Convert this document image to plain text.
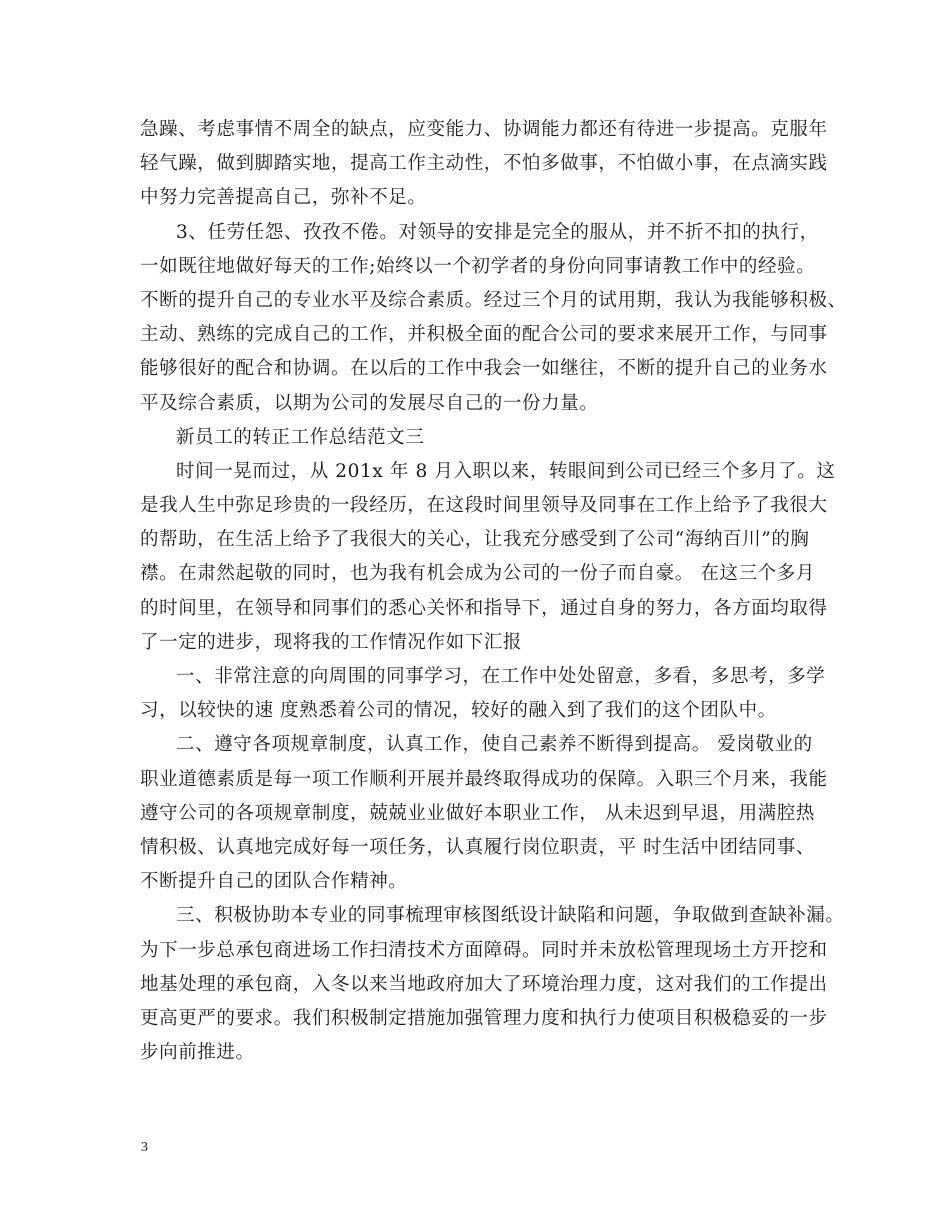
急躁、考虑事情不周全的缺点，应变能力、协调能力都还有待进一步提高。克服年
轻气躁，做到脚踏实地，提高工作主动性，不怕多做事，不怕做小事，在点滴实践
中努力完善提高自己，弥补不足。
3、任劳任怨、孜孜不倦。对领导的安排是完全的服从，并不折不扣的执行，
一如既往地做好每天的工作;始终以一个初学者的身份向同事请教工作中的经验。
不断的提升自己的专业水平及综合素质。经过三个月的试用期，我认为我能够积极、
主动、熟练的完成自己的工作，并积极全面的配合公司的要求来展开工作，与同事
能够很好的配合和协调。在以后的工作中我会一如继往，不断的提升自己的业务水
平及综合素质，以期为公司的发展尽自己的一份力量。
新员工的转正工作总结范文三
时间一晃而过，从 201x 年 8 月入职以来，转眼间到公司已经三个多月了。这
是我人生中弥足珍贵的一段经历，在这段时间里领导及同事在工作上给予了我很大
的帮助，在生活上给予了我很大的关心，让我充分感受到了公司“海纳百川”的胸
襟。在肃然起敬的同时，也为我有机会成为公司的一份子而自豪。 在这三个多月
的时间里，在领导和同事们的悉心关怀和指导下，通过自身的努力，各方面均取得
了一定的进步，现将我的工作情况作如下汇报
一、非常注意的向周围的同事学习，在工作中处处留意，多看，多思考，多学
习，以较快的速 度熟悉着公司的情况，较好的融入到了我们的这个团队中。
二、遵守各项规章制度，认真工作，使自己素养不断得到提高。 爱岗敬业的
职业道德素质是每一项工作顺利开展并最终取得成功的保障。入职三个月来，我能
遵守公司的各项规章制度，兢兢业业做好本职业工作， 从未迟到早退，用满腔热
情积极、认真地完成好每一项任务，认真履行岗位职责，平 时生活中团结同事、
不断提升自己的团队合作精神。
三、积极协助本专业的同事梳理审核图纸设计缺陷和问题，争取做到查缺补漏。
为下一步总承包商进场工作扫清技术方面障碍。同时并未放松管理现场土方开挖和
地基处理的承包商，入冬以来当地政府加大了环境治理力度，这对我们的工作提出
更高更严的要求。我们积极制定措施加强管理力度和执行力使项目积极稳妥的一步
步向前推进。
3
